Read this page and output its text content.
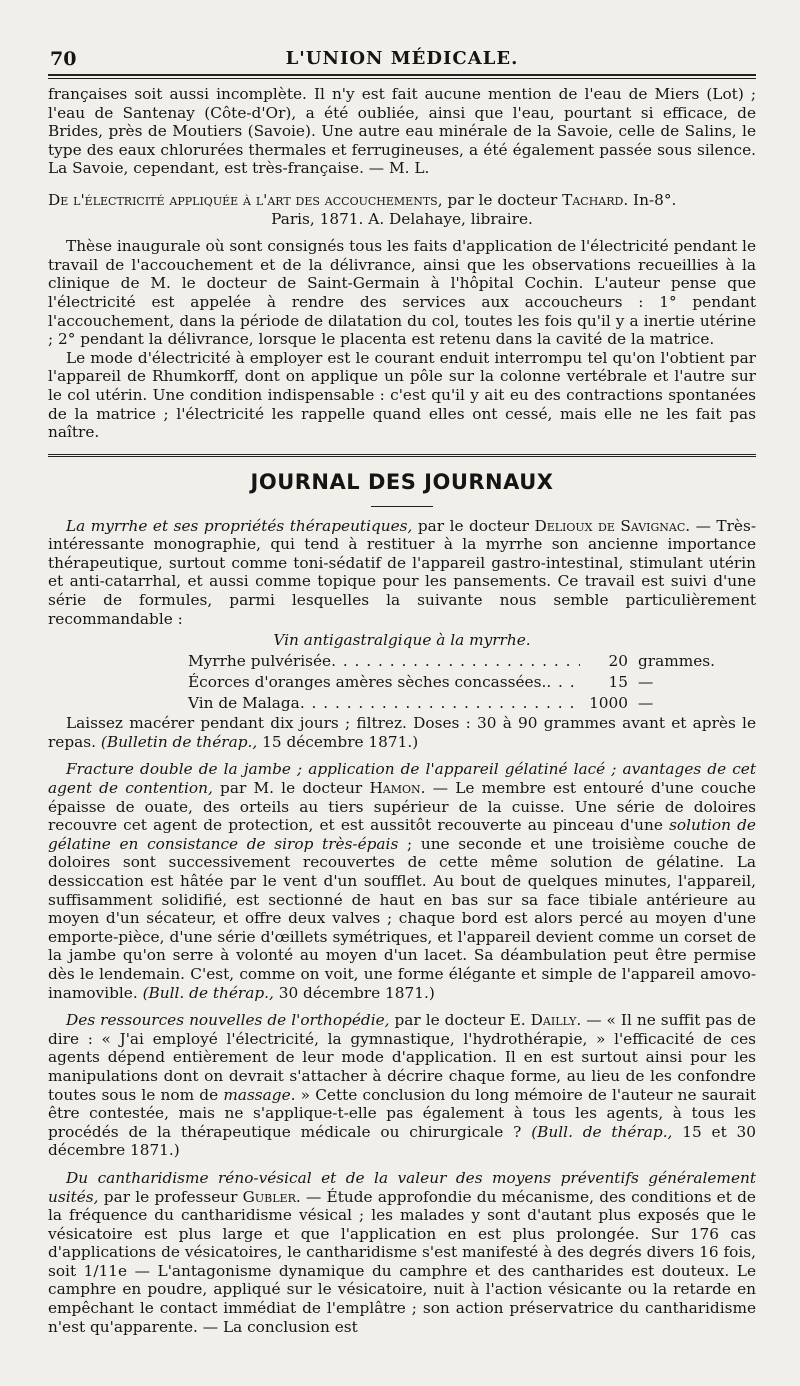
70	L'UNION MÉDICALE.

françaises soit aussi incomplète. Il n'y est fait aucune mention de l'eau de Miers (Lot) ; l'eau de Santenay (Côte-d'Or), a été oubliée, ainsi que l'eau, pourtant si efficace, de Brides, près de Moutiers (Savoie). Une autre eau minérale de la Savoie, celle de Salins, le type des eaux chlorurées thermales et ferrugineuses, a été également passée sous silence. La Savoie, cependant, est très-française. — M. L.

De l'électricité appliquée à l'art des accouchements, par le docteur Tachard. In-8°.
Paris, 1871. A. Delahaye, libraire.

Thèse inaugurale où sont consignés tous les faits d'application de l'électricité pendant le travail de l'accouchement et de la délivrance, ainsi que les observations recueillies à la clinique de M. le docteur de Saint-Germain à l'hôpital Cochin. L'auteur pense que l'électricité est appelée à rendre des services aux accoucheurs : 1° pendant l'accouchement, dans la période de dilatation du col, toutes les fois qu'il y a inertie utérine ; 2° pendant la délivrance, lorsque le placenta est retenu dans la cavité de la matrice.

Le mode d'électricité à employer est le courant enduit interrompu tel qu'on l'obtient par l'appareil de Rhumkorff, dont on applique un pôle sur la colonne vertébrale et l'autre sur le col utérin. Une condition indispensable : c'est qu'il y ait eu des contractions spontanées de la matrice ; l'électricité les rappelle quand elles ont cessé, mais elle ne les fait pas naître.

JOURNAL DES JOURNAUX

La myrrhe et ses propriétés thérapeutiques, par le docteur Delioux de Savignac. — Très-intéressante monographie, qui tend à restituer à la myrrhe son ancienne importance thérapeutique, surtout comme toni-sédatif de l'appareil gastro-intestinal, stimulant utérin et anti-catarrhal, et aussi comme topique pour les pansements. Ce travail est suivi d'une série de formules, parmi lesquelles la suivante nous semble particulièrement recommandable :

Vin antigastralgique à la myrrhe.
Myrrhe pulvérisée . . .	20 grammes.
Écorces d'oranges amères sèches concassées. . . .	15 —
Vin de Malaga . . .	1000 —

Laissez macérer pendant dix jours ; filtrez. Doses : 30 à 90 grammes avant et après le repas. (Bulletin de thérap., 15 décembre 1871.)

Fracture double de la jambe ; application de l'appareil gélatiné lacé ; avantages de cet agent de contention, par M. le docteur Hamon. — Le membre est entouré d'une couche épaisse de ouate, des orteils au tiers supérieur de la cuisse. Une série de doloires recouvre cet agent de protection, et est aussitôt recouverte au pinceau d'une solution de gélatine en consistance de sirop très-épais ; une seconde et une troisième couche de doloires sont successivement recouvertes de cette même solution de gélatine. La dessiccation est hâtée par le vent d'un soufflet. Au bout de quelques minutes, l'appareil, suffisamment solidifié, est sectionné de haut en bas sur sa face tibiale antérieure au moyen d'un sécateur, et offre deux valves ; chaque bord est alors percé au moyen d'une emporte-pièce, d'une série d'œillets symétriques, et l'appareil devient comme un corset de la jambe qu'on serre à volonté au moyen d'un lacet. Sa déambulation peut être permise dès le lendemain. C'est, comme on voit, une forme élégante et simple de l'appareil amovo-inamovible. (Bull. de thérap., 30 décembre 1871.)

Des ressources nouvelles de l'orthopédie, par le docteur E. Dailly. — « Il ne suffit pas de dire : « J'ai employé l'électricité, la gymnastique, l'hydrothérapie, » l'efficacité de ces agents dépend entièrement de leur mode d'application. Il en est surtout ainsi pour les manipulations dont on devrait s'attacher à décrire chaque forme, au lieu de les confondre toutes sous le nom de massage. » Cette conclusion du long mémoire de l'auteur ne saurait être contestée, mais ne s'applique-t-elle pas également à tous les agents, à tous les procédés de la thérapeutique médicale ou chirurgicale ? (Bull. de thérap., 15 et 30 décembre 1871.)

Du cantharidisme réno-vésical et de la valeur des moyens préventifs généralement usités, par le professeur Gubler. — Étude approfondie du mécanisme, des conditions et de la fréquence du cantharidisme vésical ; les malades y sont d'autant plus exposés que le vésicatoire est plus large et que l'application en est plus prolongée. Sur 176 cas d'applications de vésicatoires, le cantharidisme s'est manifesté à des degrés divers 16 fois, soit 1/11e — L'antagonisme dynamique du camphre et des cantharides est douteux. Le camphre en poudre, appliqué sur le vésicatoire, nuit à l'action vésicante ou la retarde en empêchant le contact immédiat de l'emplâtre ; son action préservatrice du cantharidisme n'est qu'apparente. — La conclusion est
